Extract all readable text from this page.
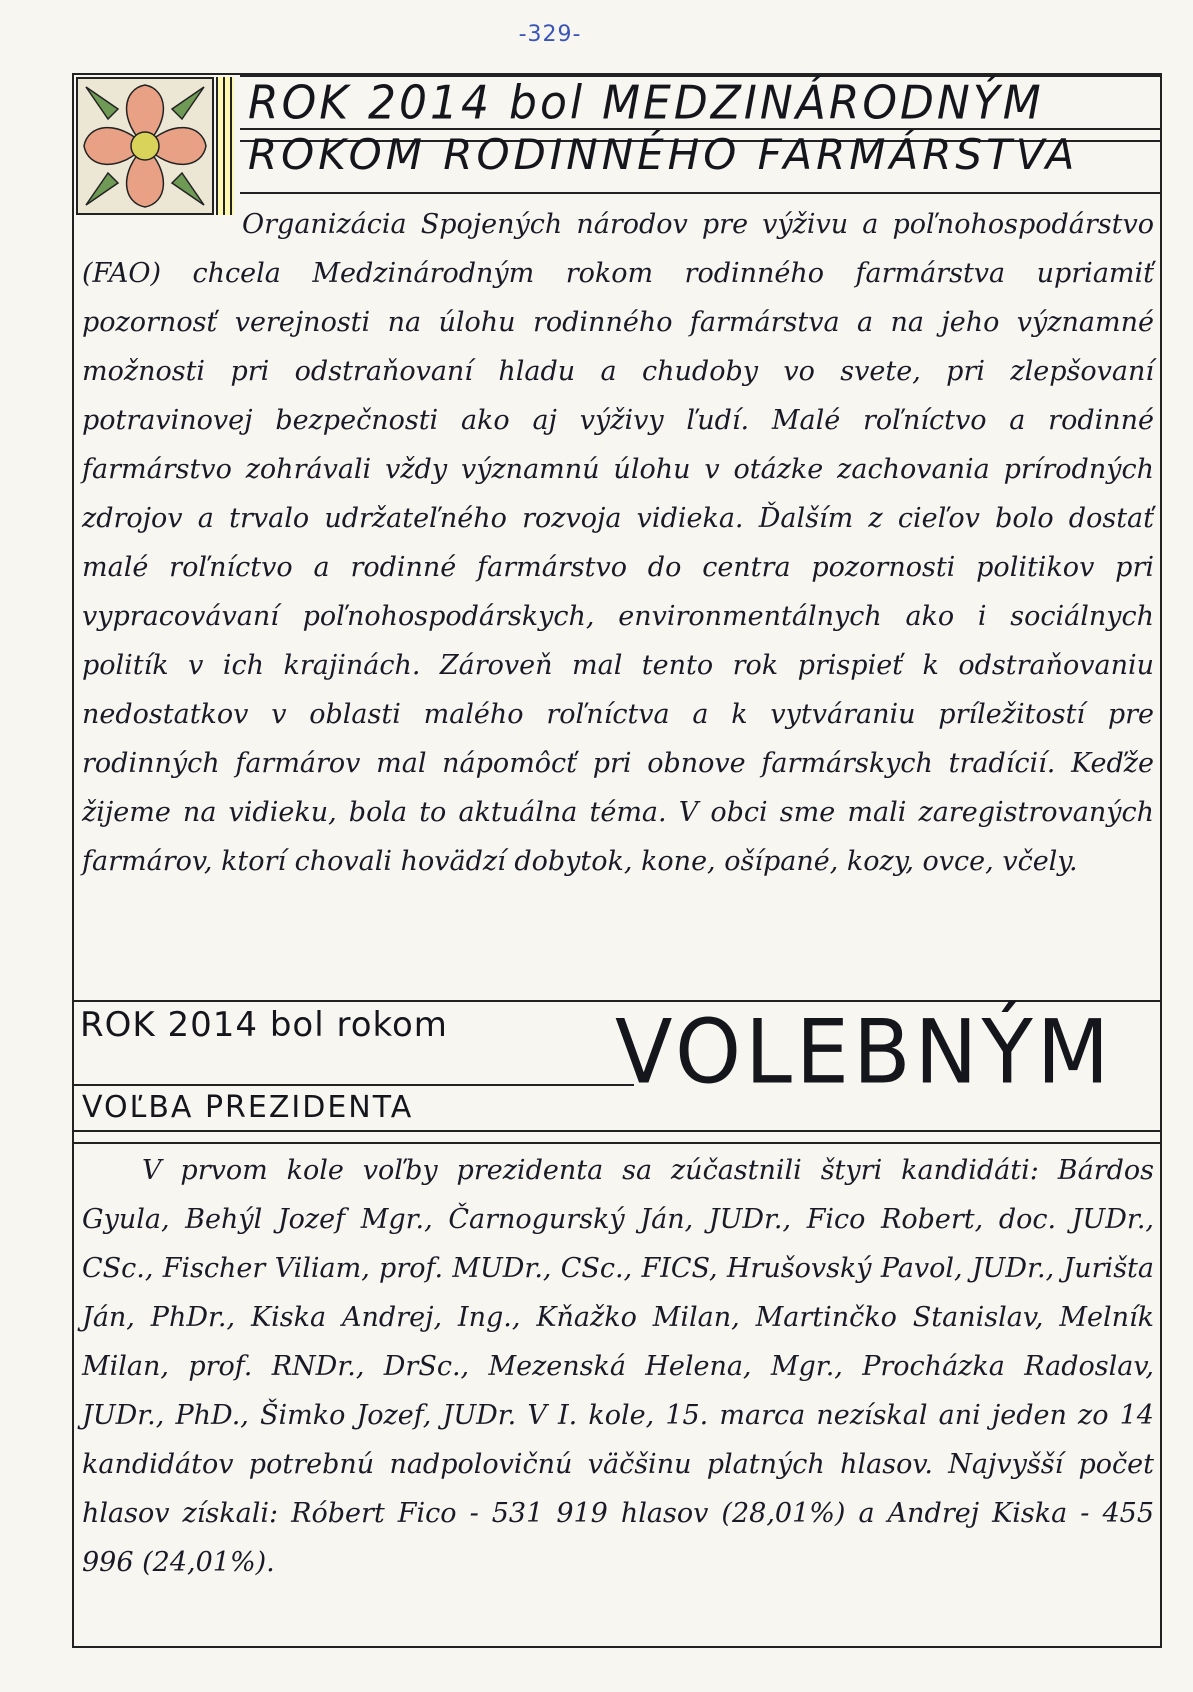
-329-
ROK 2014 bol MEDZINÁRODNÝM
ROKOM RODINNÉHO FARMÁRSTVA
Organizácia Spojených národov pre výživu a poľnohospodárstvo (FAO) chcela Medzinárodným rokom rodinného farmárstva upriamiť pozornosť verejnosti na úlohu rodinného farmárstva a na jeho významné možnosti pri odstraňovaní hladu a chudoby vo svete, pri zlepšovaní potravinovej bezpečnosti ako aj výživy ľudí. Malé roľníctvo a rodinné farmárstvo zohrávali vždy významnú úlohu v otázke zachovania prírodných zdrojov a trvalo udržateľného rozvoja vidieka. Ďalším z cieľov bolo dostať malé roľníctvo a rodinné farmárstvo do centra pozornosti politikov pri vypracovávaní poľnohospodárskych, environmentálnych ako i sociálnych politík v ich krajinách. Zároveň mal tento rok prispieť k odstraňovaniu nedostatkov v oblasti malého roľníctva a k vytváraniu príležitostí pre rodinných farmárov mal nápomôcť pri obnove farmárskych tradícií. Keďže žijeme na vidieku, bola to aktuálna téma. V obci sme mali zaregistrovaných farmárov, ktorí chovali hovädzí dobytok, kone, ošípané, kozy, ovce, včely.
ROK 2014 bol rokom VOLEBNÝM
VOĽBA PREZIDENTA
V prvom kole voľby prezidenta sa zúčastnili štyri kandidáti: Bárdos Gyula, Behýl Jozef Mgr., Čarnogurský Ján, JUDr., Fico Robert, doc. JUDr., CSc., Fischer Viliam, prof. MUDr., CSc., FICS, Hrušovský Pavol, JUDr., Jurišta Ján, PhDr., Kiska Andrej, Ing., Kňažko Milan, Martinčko Stanislav, Melník Milan, prof. RNDr., DrSc., Mezenská Helena, Mgr., Procházka Radoslav, JUDr., PhD., Šimko Jozef, JUDr. V I. kole, 15. marca nezískal ani jeden zo 14 kandidátov potrebnú nadpolovičnú väčšinu platných hlasov. Najvyšší počet hlasov získali: Róbert Fico - 531 919 hlasov (28,01%) a Andrej Kiska - 455 996 (24,01%).
